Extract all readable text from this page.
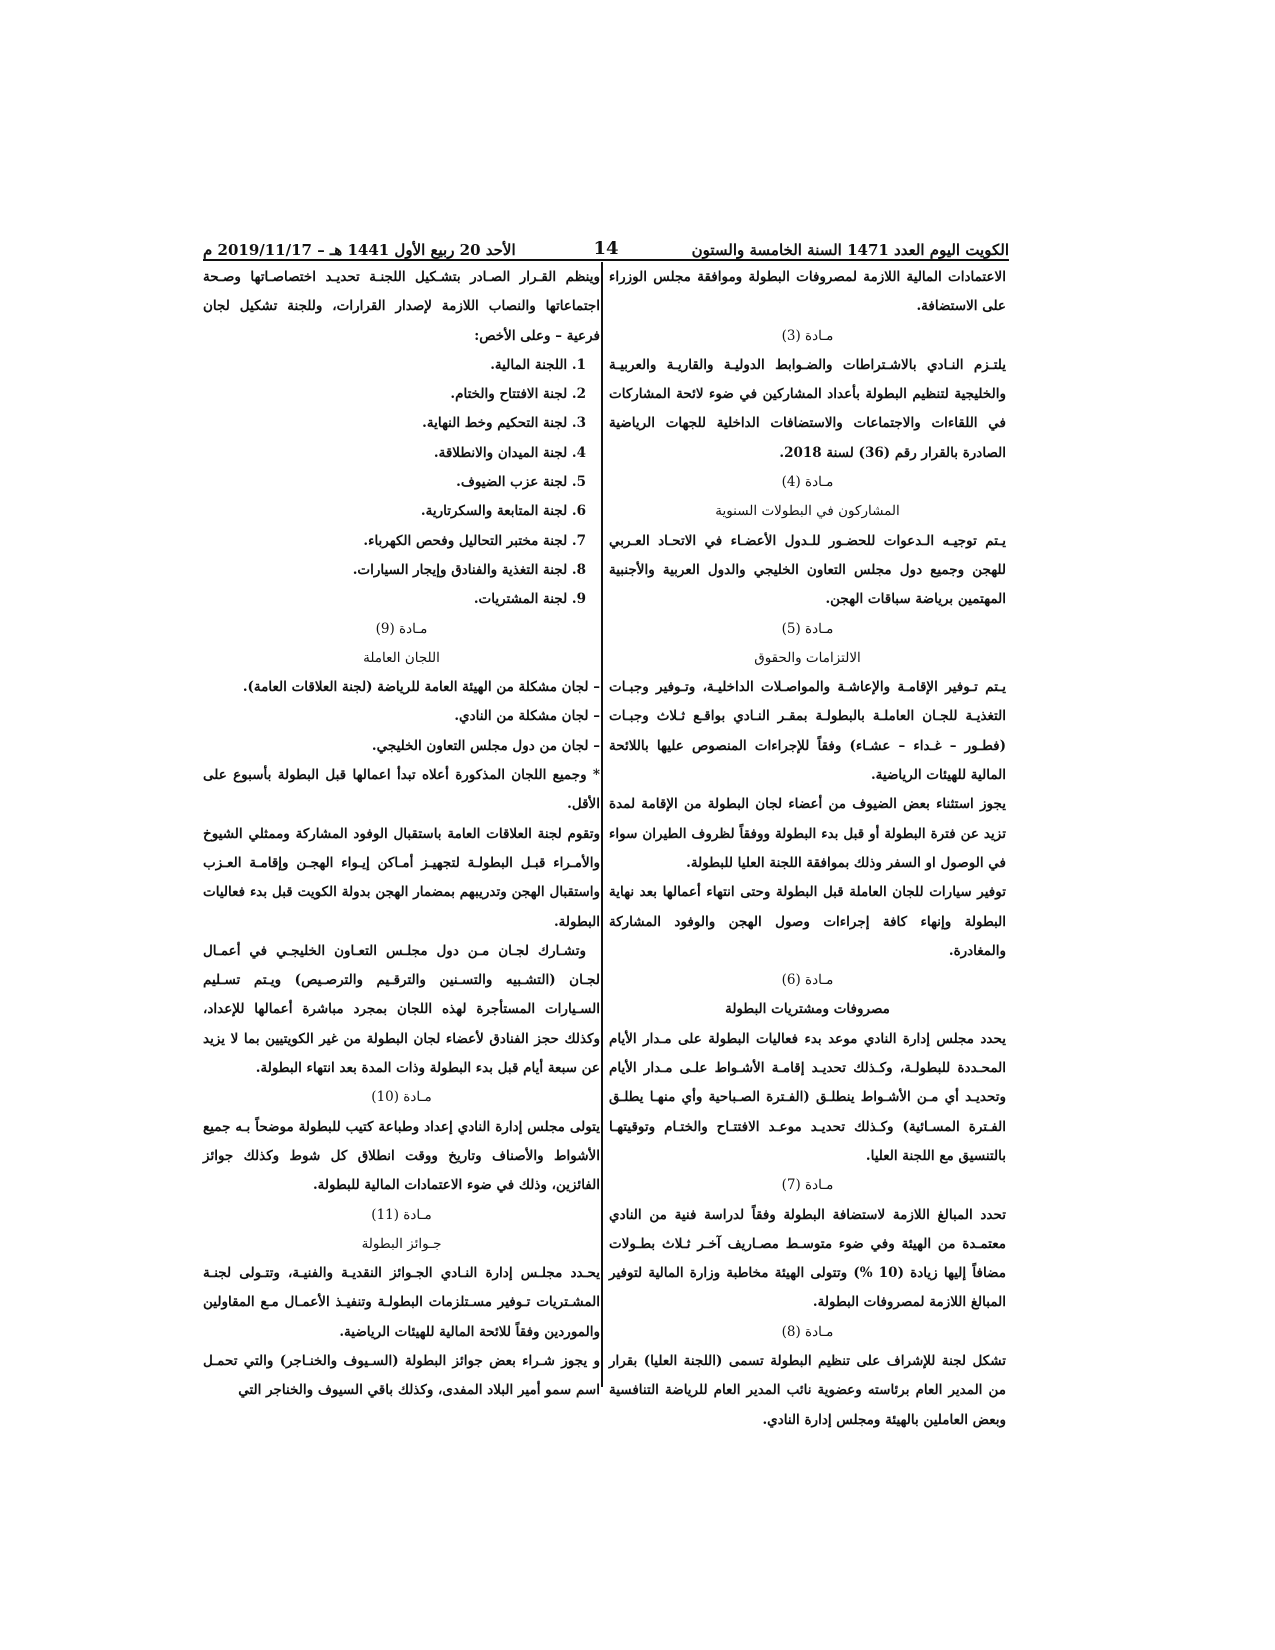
الكويت اليوم العدد 1471 السنة الخامسة والستون
14
الأحد 20 ربيع الأول 1441 هـ – 2019/11/17 م

الاعتمادات المالية اللازمة لمصروفات البطولة وموافقة مجلس الوزراء على الاستضافة.

مـادة (3)

يلتـزم النـادي بالاشـتراطات والضـوابط الدوليـة والقاريـة والعربيـة والخليجية لتنظيم البطولة بأعداد المشاركين في ضوء لائحة المشاركات في اللقاءات والاجتماعات والاستضافات الداخلية للجهات الرياضية الصادرة بالقرار رقم (36) لسنة 2018.

مـادة (4)

المشاركون في البطولات السنوية

يـتم توجيـه الـدعوات للحضـور للـدول الأعضـاء في الاتحـاد العـربي للهجن وجميع دول مجلس التعاون الخليجي والدول العربية والأجنبية المهتمين برياضة سباقات الهجن.

مـادة (5)

الالتزامات والحقوق

يـتم تـوفير الإقامـة والإعاشـة والمواصـلات الداخليـة، وتـوفير وجبـات التغذيـة للجـان العاملـة بالبطولـة بمقـر النـادي بواقـع ثـلاث وجبـات (فطـور – غـداء – عشـاء) وفقاً للإجراءات المنصوص عليها باللائحة المالية للهيئات الرياضية.

يجوز استثناء بعض الضيوف من أعضاء لجان البطولة من الإقامة لمدة تزيد عن فترة البطولة أو قبل بدء البطولة ووفقاً لظروف الطيران سواء في الوصول او السفر وذلك بموافقة اللجنة العليا للبطولة.

توفير سيارات للجان العاملة قبل البطولة وحتى انتهاء أعمالها بعد نهاية البطولة وإنهاء كافة إجراءات وصول الهجن والوفود المشاركة والمغادرة.

مـادة (6)

مصروفات ومشتريات البطولة

يحدد مجلس إدارة النادي موعد بدء فعاليات البطولة على مـدار الأيام المحـددة للبطولـة، وكـذلك تحديـد إقامـة الأشـواط علـى مـدار الأيام وتحديـد أي مـن الأشـواط ينطلـق (الفـترة الصـباحية وأي منهـا يطلـق الفـترة المسـائية) وكـذلك تحديـد موعـد الافتتـاح والختـام وتوقيتهـا بالتنسيق مع اللجنة العليا.

مـادة (7)

تحدد المبالغ اللازمة لاستضافة البطولة وفقاً لدراسة فنية من النادي معتمـدة من الهيئة وفي ضوء متوسـط مصـاريف آخـر ثـلاث بطـولات مضافاً إليها زيادة (10 %) وتتولى الهيئة مخاطبة وزارة المالية لتوفير المبالغ اللازمة لمصروفات البطولة.

مـادة (8)

تشكل لجنة للإشراف على تنظيم البطولة تسمى (اللجنة العليا) بقرار من المدير العام برئاسته وعضوية نائب المدير العام للرياضة التنافسية وبعض العاملين بالهيئة ومجلس إدارة النادي.

وينظم القـرار الصـادر بتشـكيل اللجنـة تحديـد اختصاصـاتها وصـحة اجتماعاتها والنصاب اللازمة لإصدار القرارات، وللجنة تشكيل لجان فرعية – وعلى الأخص:

1. اللجنة المالية.

2. لجنة الافتتاح والختام.

3. لجنة التحكيم وخط النهاية.

4. لجنة الميدان والانطلاقة.

5. لجنة عزب الضيوف.

6. لجنة المتابعة والسكرتارية.

7. لجنة مختبر التحاليل وفحص الكهرباء.

8. لجنة التغذية والفنادق وإيجار السيارات.

9. لجنة المشتريات.

مـادة (9)

اللجان العاملة

– لجان مشكلة من الهيئة العامة للرياضة (لجنة العلاقات العامة).

– لجان مشكلة من النادي.

– لجان من دول مجلس التعاون الخليجي.

* وجميع اللجان المذكورة أعلاه تبدأ اعمالها قبل البطولة بأسبوع على الأقل.

وتقوم لجنة العلاقات العامة باستقبال الوفود المشاركة وممثلي الشيوخ والأمـراء قبـل البطولـة لتجهيـز أمـاكن إيـواء الهجـن وإقامـة العـزب واستقبال الهجن وتدريبهم بمضمار الهجن بدولة الكويت قبل بدء فعاليات البطولة.

وتشـارك لجـان مـن دول مجلـس التعـاون الخليجـي في أعمـال لجـان (التشـبيه والتسـنين والترقـيم والترصـيص) ويـتم تسـليم السـيارات المستأجرة لهذه اللجان بمجرد مباشرة أعمالها للإعداد، وكذلك حجز الفنادق لأعضاء لجان البطولة من غير الكويتيين بما لا يزيد عن سبعة أيام قبل بدء البطولة وذات المدة بعد انتهاء البطولة.

مـادة (10)

يتولى مجلس إدارة النادي إعداد وطباعة كتيب للبطولة موضحاً بـه جميع الأشواط والأصناف وتاريخ ووقت انطلاق كل شوط وكذلك جوائز الفائزين، وذلك في ضوء الاعتمادات المالية للبطولة.

مـادة (11)

جـوائز البطولة

يحـدد مجلـس إدارة النـادي الجـوائز النقديـة والفنيـة، وتتـولى لجنـة المشـتريات تـوفير مسـتلزمات البطولـة وتنفيـذ الأعمـال مـع المقاولين والموردين وفقاً للائحة المالية للهيئات الرياضية.

و يجوز شـراء بعض جوائز البطولة (السـيوف والخنـاجر) والتي تحمـل اسم سمو أمير البلاد المفدى، وكذلك باقي السيوف والخناجر التي
